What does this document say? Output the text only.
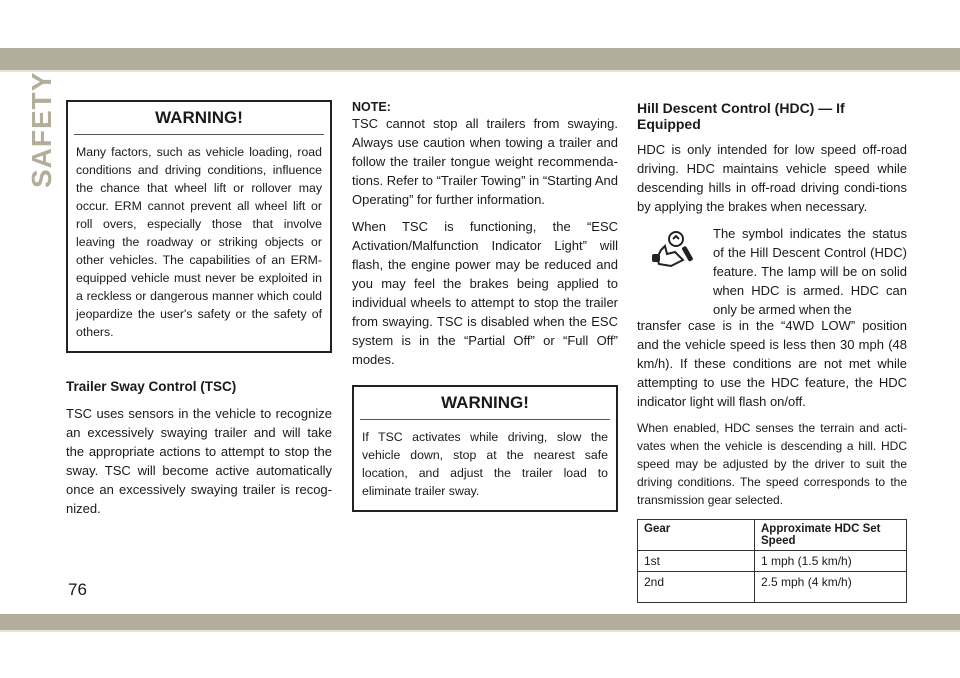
SAFETY
76
WARNING!
Many factors, such as vehicle loading, road conditions and driving conditions, influence the chance that wheel lift or rollover may occur. ERM cannot prevent all wheel lift or roll overs, especially those that involve leaving the roadway or striking objects or other vehicles. The capabilities of an ERM-equipped vehicle must never be exploited in a reckless or dangerous manner which could jeopardize the user's safety or the safety of others.

Trailer Sway Control (TSC)

TSC uses sensors in the vehicle to recognize an excessively swaying trailer and will take the appropriate actions to attempt to stop the sway. TSC will become active automatically once an excessively swaying trailer is recog-nized.

NOTE:

TSC cannot stop all trailers from swaying. Always use caution when towing a trailer and follow the trailer tongue weight recommenda-tions. Refer to “Trailer Towing” in “Starting And Operating” for further information.

When TSC is functioning, the “ESC Activation/Malfunction Indicator Light” will flash, the engine power may be reduced and you may feel the brakes being applied to individual wheels to attempt to stop the trailer from swaying. TSC is disabled when the ESC system is in the “Partial Off” or “Full Off” modes.

WARNING!
If TSC activates while driving, slow the vehicle down, stop at the nearest safe location, and adjust the trailer load to eliminate trailer sway.

Hill Descent Control (HDC) — If Equipped

HDC is only intended for low speed off-road driving. HDC maintains vehicle speed while descending hills in off-road driving condi-tions by applying the brakes when necessary.

The symbol indicates the status of the Hill Descent Control (HDC) feature. The lamp will be on solid when HDC is armed. HDC can only be armed when the

transfer case is in the “4WD LOW” position and the vehicle speed is less then 30 mph (48 km/h). If these conditions are not met while attempting to use the HDC feature, the HDC indicator light will flash on/off.

When enabled, HDC senses the terrain and acti-vates when the vehicle is descending a hill. HDC speed may be adjusted by the driver to suit the driving conditions. The speed corresponds to the transmission gear selected.

Gear	Approximate HDC Set Speed
1st	1 mph (1.5 km/h)
2nd	2.5 mph (4 km/h)
